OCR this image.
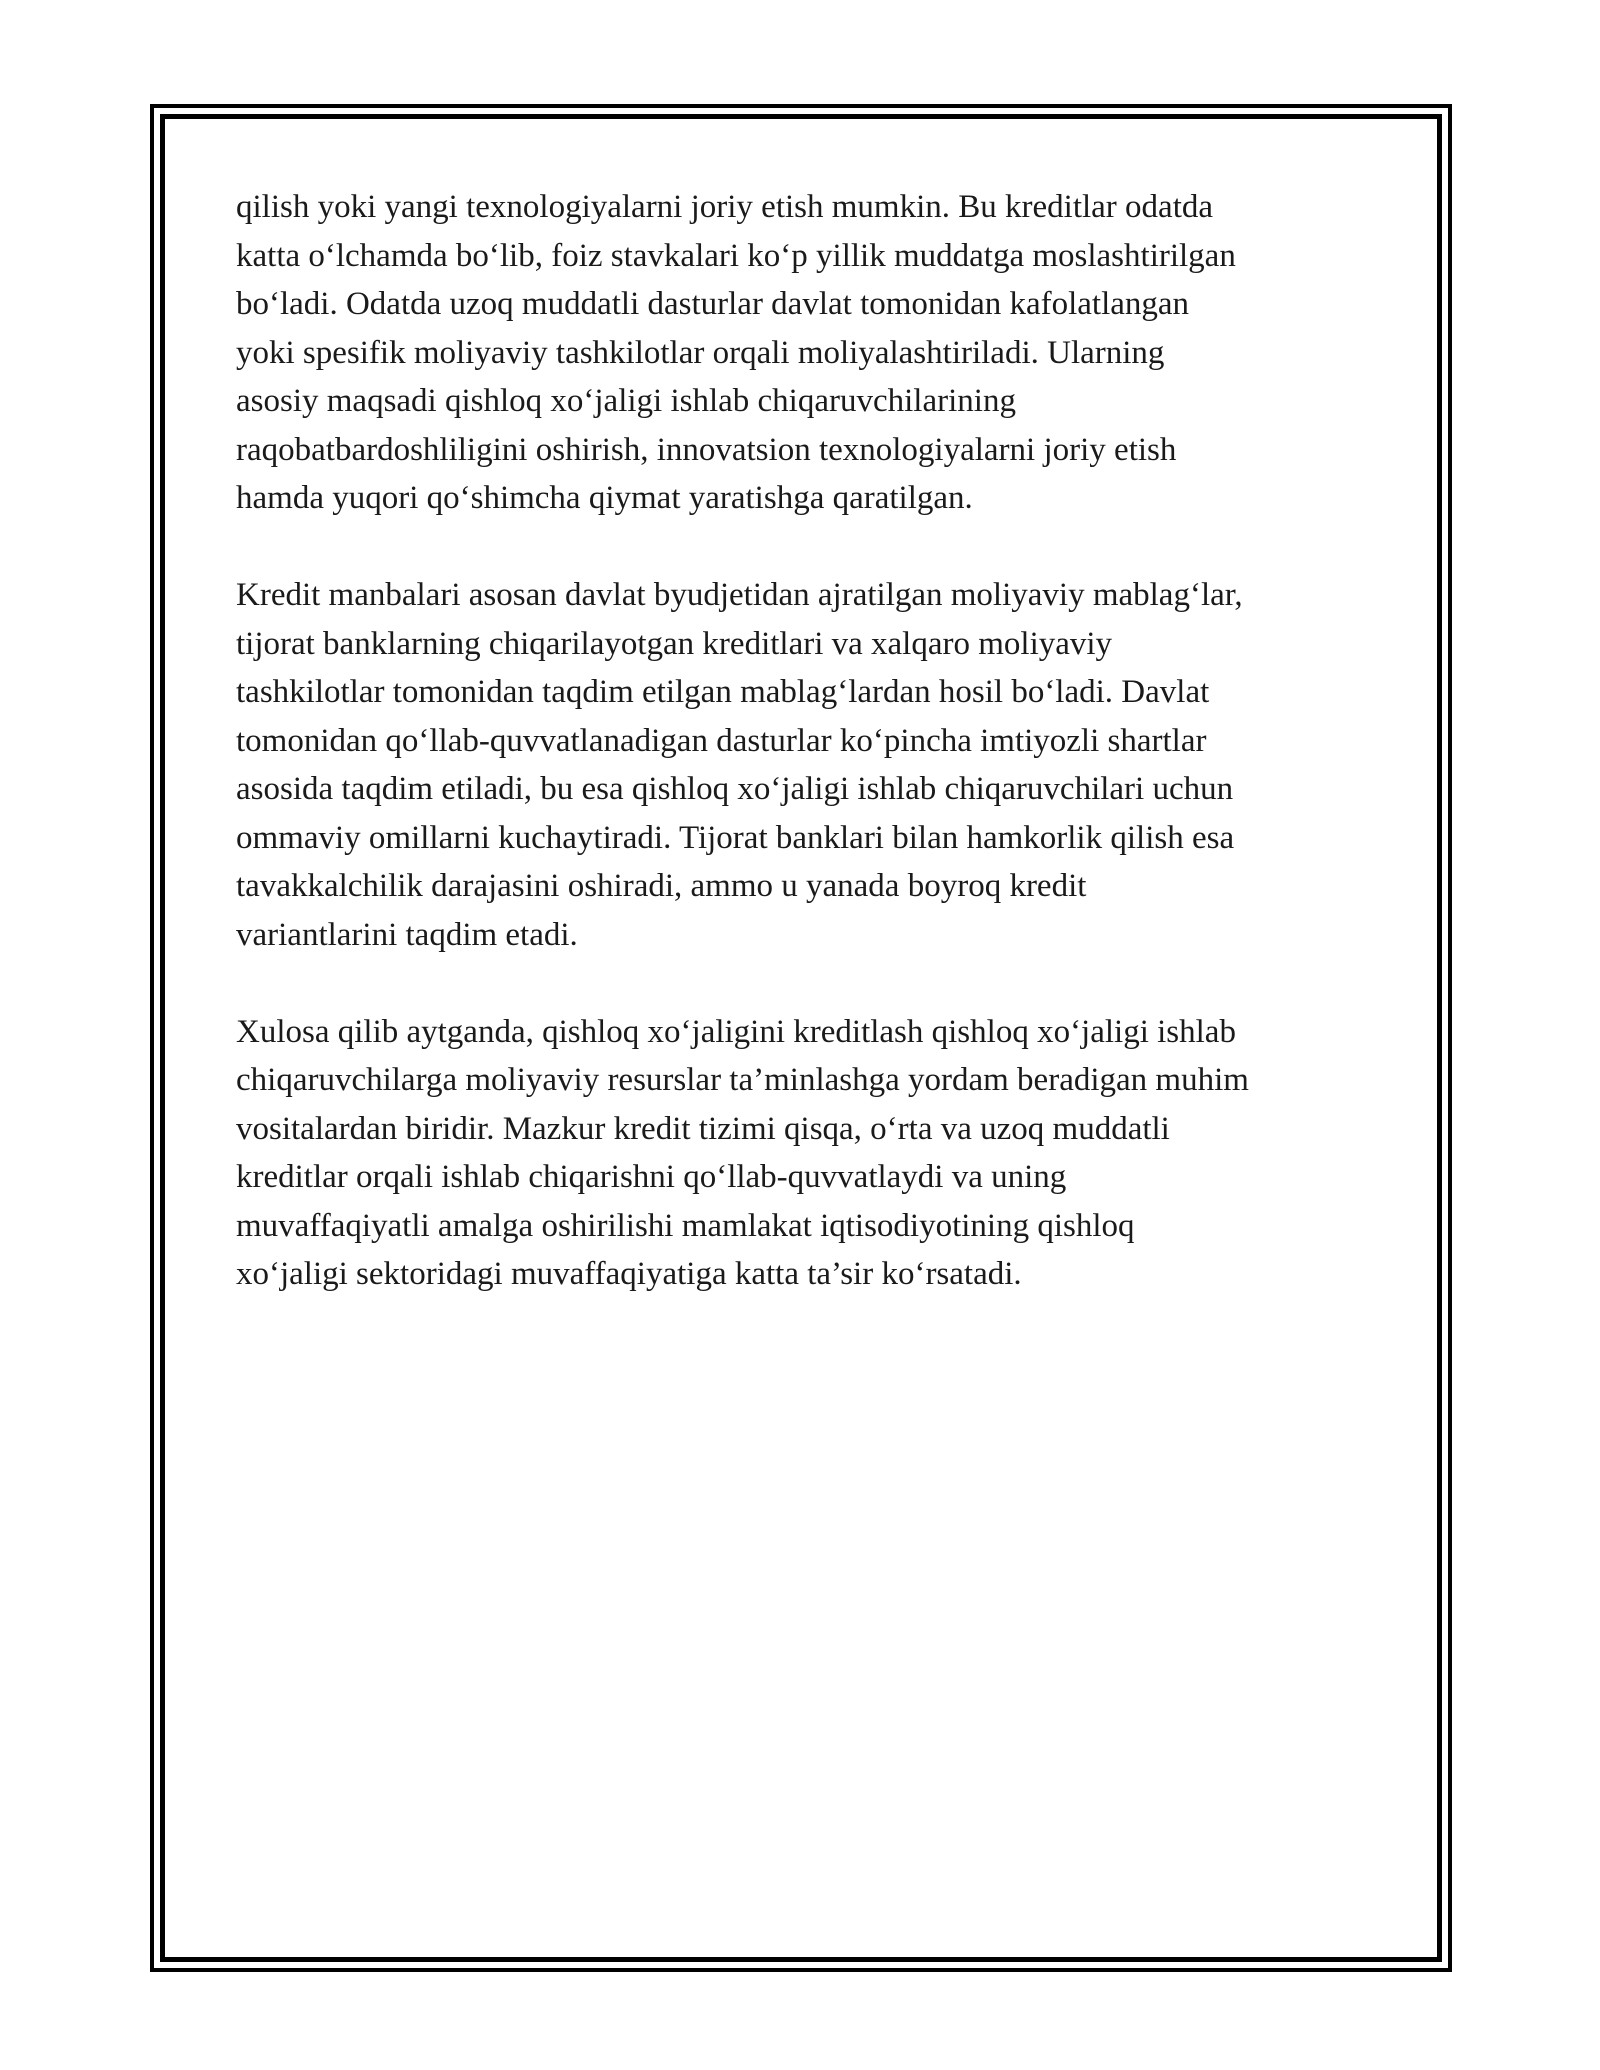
qilish yoki yangi texnologiyalarni joriy etish mumkin. Bu kreditlar odatda
katta o‘lchamda bo‘lib, foiz stavkalari ko‘p yillik muddatga moslashtirilgan
bo‘ladi. Odatda uzoq muddatli dasturlar davlat tomonidan kafolatlangan
yoki spesifik moliyaviy tashkilotlar orqali moliyalashtiriladi. Ularning
asosiy maqsadi qishloq xo‘jaligi ishlab chiqaruvchilarining
raqobatbardoshliligini oshirish, innovatsion texnologiyalarni joriy etish
hamda yuqori qo‘shimcha qiymat yaratishga qaratilgan.

Kredit manbalari asosan davlat byudjetidan ajratilgan moliyaviy mablag‘lar,
tijorat banklarning chiqarilayotgan kreditlari va xalqaro moliyaviy
tashkilotlar tomonidan taqdim etilgan mablag‘lardan hosil bo‘ladi. Davlat
tomonidan qo‘llab-quvvatlanadigan dasturlar ko‘pincha imtiyozli shartlar
asosida taqdim etiladi, bu esa qishloq xo‘jaligi ishlab chiqaruvchilari uchun
ommaviy omillarni kuchaytiradi. Tijorat banklari bilan hamkorlik qilish esa
tavakkalchilik darajasini oshiradi, ammo u yanada boyroq kredit
variantlarini taqdim etadi.

Xulosa qilib aytganda, qishloq xo‘jaligini kreditlash qishloq xo‘jaligi ishlab
chiqaruvchilarga moliyaviy resurslar ta’minlashga yordam beradigan muhim
vositalardan biridir. Mazkur kredit tizimi qisqa, o‘rta va uzoq muddatli
kreditlar orqali ishlab chiqarishni qo‘llab-quvvatlaydi va uning
muvaffaqiyatli amalga oshirilishi mamlakat iqtisodiyotining qishloq
xo‘jaligi sektoridagi muvaffaqiyatiga katta ta’sir ko‘rsatadi.
